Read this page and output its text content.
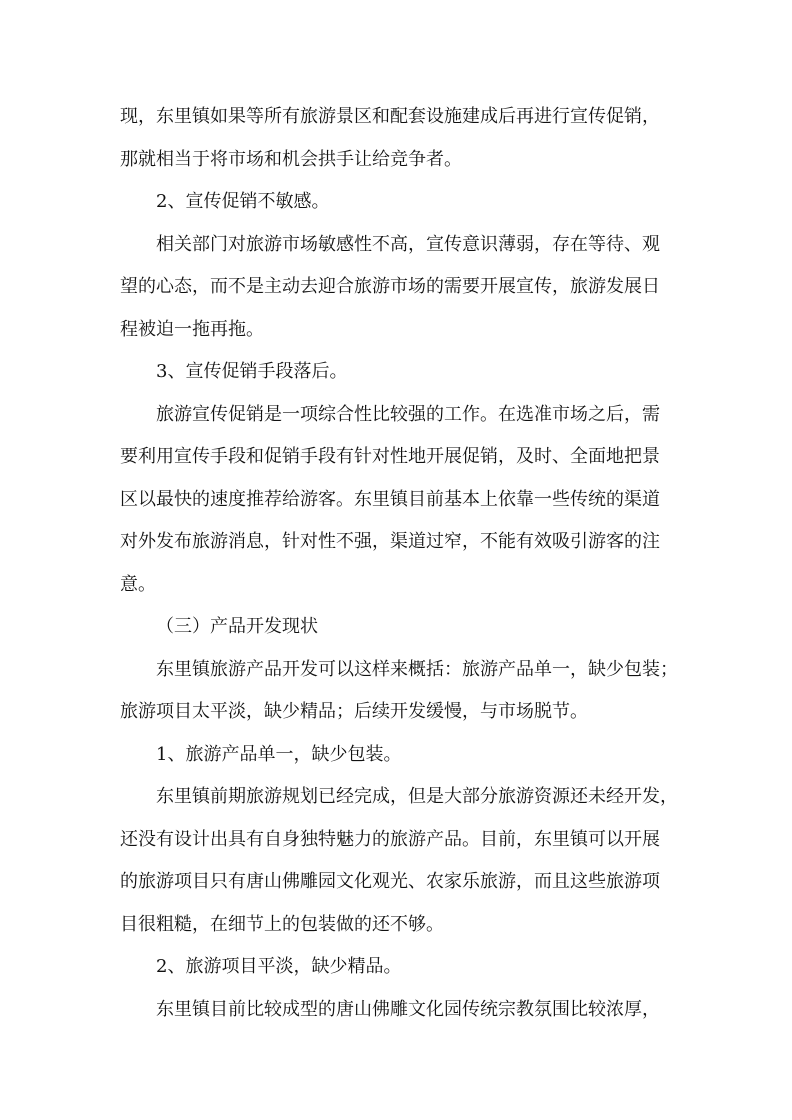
现，东里镇如果等所有旅游景区和配套设施建成后再进行宣传促销，
那就相当于将市场和机会拱手让给竞争者。
2、宣传促销不敏感。
相关部门对旅游市场敏感性不高，宣传意识薄弱，存在等待、观
望的心态，而不是主动去迎合旅游市场的需要开展宣传，旅游发展日
程被迫一拖再拖。
3、宣传促销手段落后。
旅游宣传促销是一项综合性比较强的工作。在选准市场之后，需
要利用宣传手段和促销手段有针对性地开展促销，及时、全面地把景
区以最快的速度推荐给游客。东里镇目前基本上依靠一些传统的渠道
对外发布旅游消息，针对性不强，渠道过窄，不能有效吸引游客的注
意。
（三）产品开发现状
东里镇旅游产品开发可以这样来概括：旅游产品单一，缺少包装；
旅游项目太平淡，缺少精品；后续开发缓慢，与市场脱节。
1、旅游产品单一，缺少包装。
东里镇前期旅游规划已经完成，但是大部分旅游资源还未经开发，
还没有设计出具有自身独特魅力的旅游产品。目前，东里镇可以开展
的旅游项目只有唐山佛雕园文化观光、农家乐旅游，而且这些旅游项
目很粗糙，在细节上的包装做的还不够。
2、旅游项目平淡，缺少精品。
东里镇目前比较成型的唐山佛雕文化园传统宗教氛围比较浓厚，
